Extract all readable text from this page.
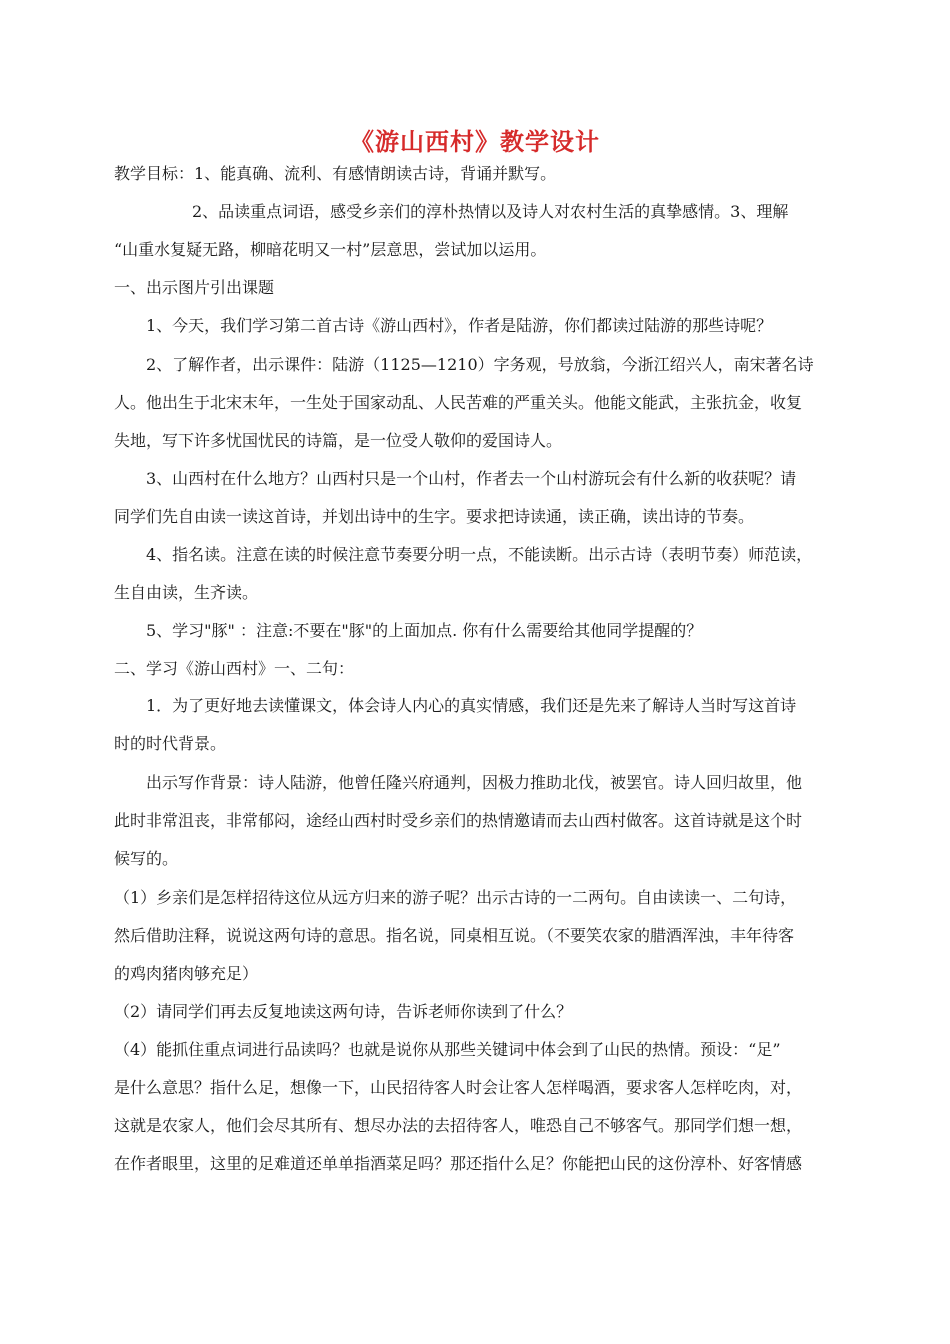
《游山西村》教学设计
教学目标：1、能真确、流利、有感情朗读古诗，背诵并默写。
2、品读重点词语，感受乡亲们的淳朴热情以及诗人对农村生活的真挚感情。3、理解
“山重水复疑无路，柳暗花明又一村”层意思，尝试加以运用。
一、出示图片引出课题
1、今天，我们学习第二首古诗《游山西村》，作者是陆游，你们都读过陆游的那些诗呢？
2、了解作者，出示课件：陆游（1125—1210）字务观，号放翁，今浙江绍兴人，南宋著名诗
人。他出生于北宋末年，一生处于国家动乱、人民苦难的严重关头。他能文能武，主张抗金，收复
失地，写下许多忧国忧民的诗篇，是一位受人敬仰的爱国诗人。
3、山西村在什么地方？山西村只是一个山村，作者去一个山村游玩会有什么新的收获呢？请
同学们先自由读一读这首诗，并划出诗中的生字。要求把诗读通，读正确，读出诗的节奏。
4、指名读。注意在读的时候注意节奏要分明一点，不能读断。出示古诗（表明节奏）师范读，
生自由读，生齐读。
5、学习"豚" ：注意:不要在"豚"的上面加点. 你有什么需要给其他同学提醒的？
二、学习《游山西村》一、二句：
1．为了更好地去读懂课文，体会诗人内心的真实情感，我们还是先来了解诗人当时写这首诗
时的时代背景。
出示写作背景：诗人陆游，他曾任隆兴府通判，因极力推助北伐，被罢官。诗人回归故里，他
此时非常沮丧，非常郁闷，途经山西村时受乡亲们的热情邀请而去山西村做客。这首诗就是这个时
候写的。
（1）乡亲们是怎样招待这位从远方归来的游子呢？出示古诗的一二两句。自由读读一、二句诗，
然后借助注释，说说这两句诗的意思。指名说，同桌相互说。（不要笑农家的腊酒浑浊，丰年待客
的鸡肉猪肉够充足）
（2）请同学们再去反复地读这两句诗，告诉老师你读到了什么？
（4）能抓住重点词进行品读吗？也就是说你从那些关键词中体会到了山民的热情。预设：“足”
是什么意思？指什么足，想像一下，山民招待客人时会让客人怎样喝酒，要求客人怎样吃肉，对，
这就是农家人，他们会尽其所有、想尽办法的去招待客人，唯恐自己不够客气。那同学们想一想，
在作者眼里，这里的足难道还单单指酒菜足吗？那还指什么足？你能把山民的这份淳朴、好客情感
